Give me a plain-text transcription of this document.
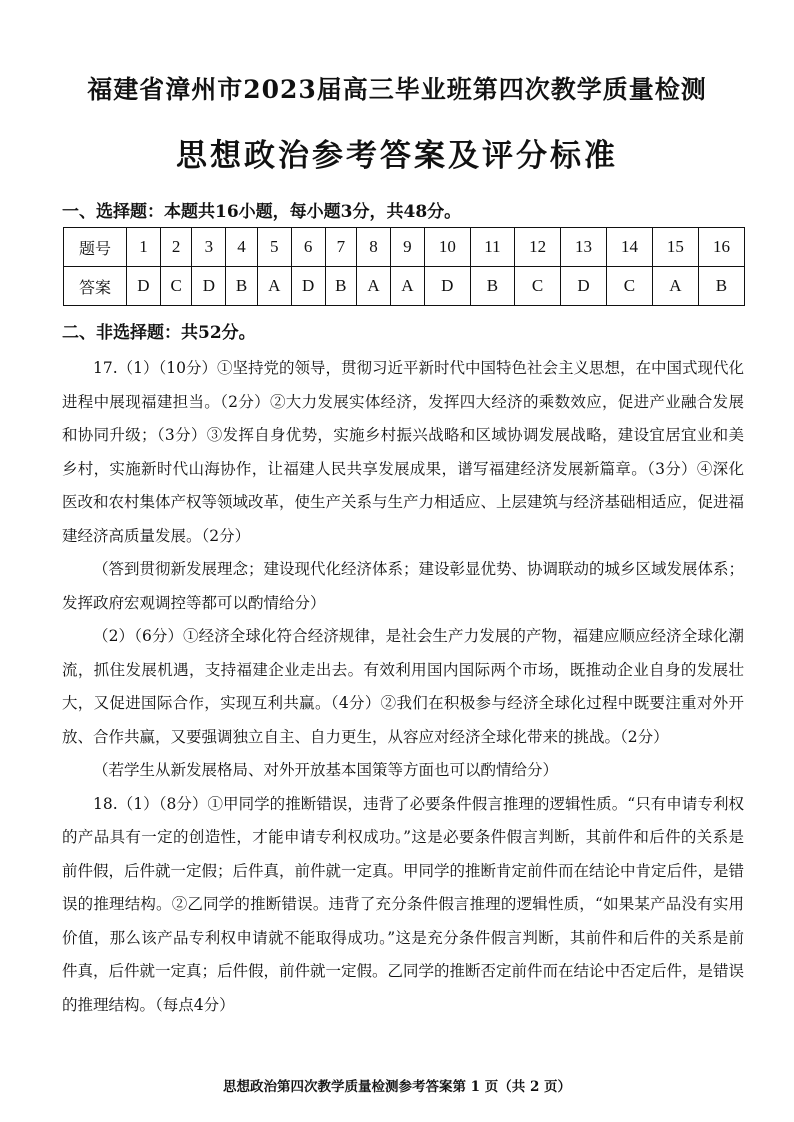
福建省漳州市2023届高三毕业班第四次教学质量检测
思想政治参考答案及评分标准
一、选择题：本题共16小题，每小题3分，共48分。
题号	1	2	3	4	5	6	7	8	9	10	11	12	13	14	15	16
答案	D	C	D	B	A	D	B	A	A	D	B	C	D	C	A	B
二、非选择题：共52分。

17.（1）（10分）①坚持党的领导，贯彻习近平新时代中国特色社会主义思想，在中国式现代化进程中展现福建担当。（2分）②大力发展实体经济，发挥四大经济的乘数效应，促进产业融合发展和协同升级；（3分）③发挥自身优势，实施乡村振兴战略和区域协调发展战略，建设宜居宜业和美乡村，实施新时代山海协作，让福建人民共享发展成果，谱写福建经济发展新篇章。（3分）④深化医改和农村集体产权等领域改革，使生产关系与生产力相适应、上层建筑与经济基础相适应，促进福建经济高质量发展。（2分）

（答到贯彻新发展理念；建设现代化经济体系；建设彰显优势、协调联动的城乡区域发展体系；发挥政府宏观调控等都可以酌情给分）

（2）（6分）①经济全球化符合经济规律，是社会生产力发展的产物，福建应顺应经济全球化潮流，抓住发展机遇，支持福建企业走出去。有效利用国内国际两个市场，既推动企业自身的发展壮大，又促进国际合作，实现互利共赢。（4分）②我们在积极参与经济全球化过程中既要注重对外开放、合作共赢，又要强调独立自主、自力更生，从容应对经济全球化带来的挑战。（2分）

（若学生从新发展格局、对外开放基本国策等方面也可以酌情给分）

18.（1）（8分）①甲同学的推断错误，违背了必要条件假言推理的逻辑性质。“只有申请专利权的产品具有一定的创造性，才能申请专利权成功。”这是必要条件假言判断，其前件和后件的关系是前件假，后件就一定假；后件真，前件就一定真。甲同学的推断肯定前件而在结论中肯定后件，是错误的推理结构。②乙同学的推断错误。违背了充分条件假言推理的逻辑性质，“如果某产品没有实用价值，那么该产品专利权申请就不能取得成功。”这是充分条件假言判断，其前件和后件的关系是前件真，后件就一定真；后件假，前件就一定假。乙同学的推断否定前件而在结论中否定后件，是错误的推理结构。（每点4分）

思想政治第四次教学质量检测参考答案第 1 页（共 2 页）
